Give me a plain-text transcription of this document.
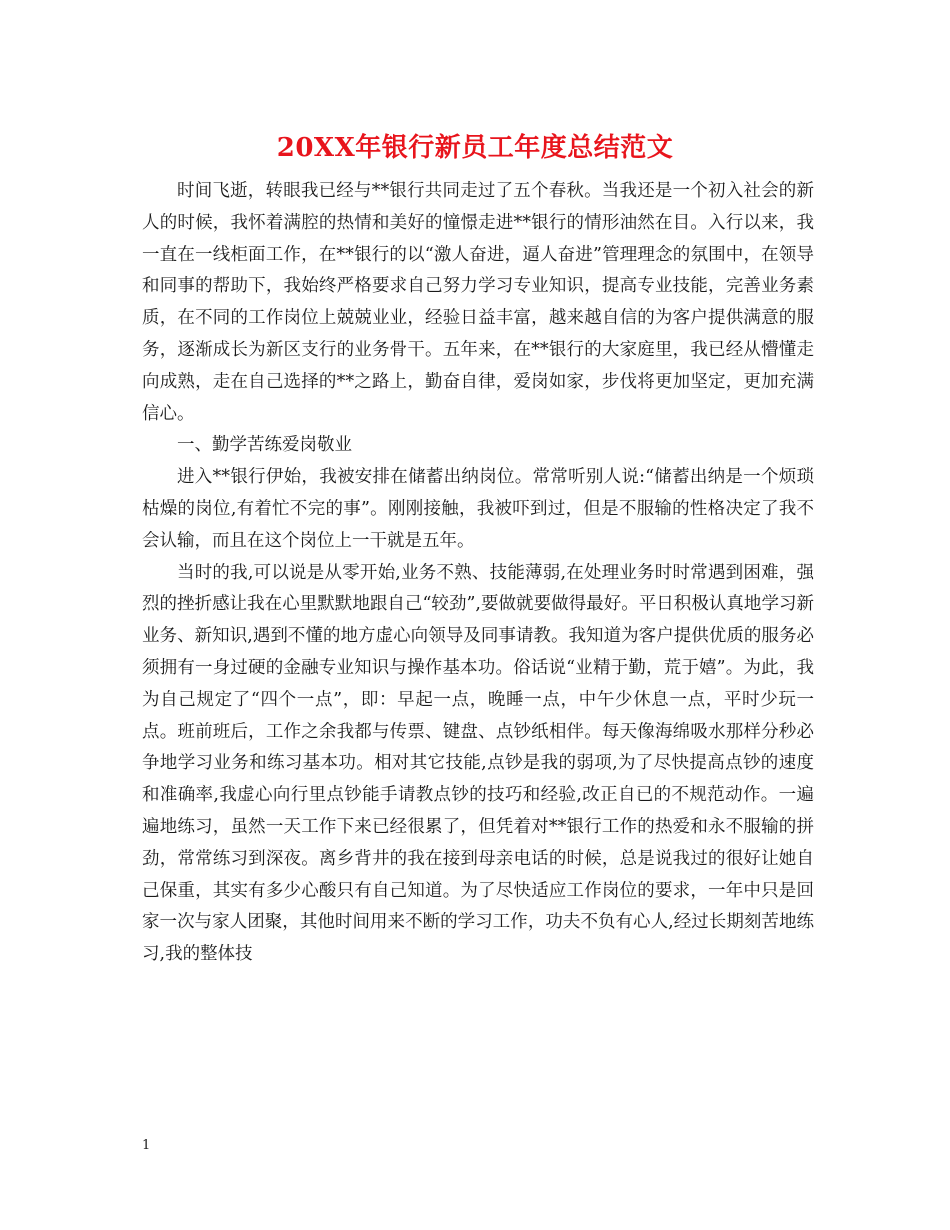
20XX年银行新员工年度总结范文

时间飞逝，转眼我已经与**银行共同走过了五个春秋。当我还是一个初入社会的新人的时候，我怀着满腔的热情和美好的憧憬走进**银行的情形油然在目。入行以来，我一直在一线柜面工作，在**银行的以“激人奋进，逼人奋进”管理理念的氛围中，在领导和同事的帮助下，我始终严格要求自己努力学习专业知识，提高专业技能，完善业务素质，在不同的工作岗位上兢兢业业，经验日益丰富，越来越自信的为客户提供满意的服务，逐渐成长为新区支行的业务骨干。五年来，在**银行的大家庭里，我已经从懵懂走向成熟，走在自己选择的**之路上，勤奋自律，爱岗如家，步伐将更加坚定，更加充满信心。

一、勤学苦练爱岗敬业

进入**银行伊始，我被安排在储蓄出纳岗位。常常听别人说:“储蓄出纳是一个烦琐枯燥的岗位,有着忙不完的事”。刚刚接触，我被吓到过，但是不服输的性格决定了我不会认输，而且在这个岗位上一干就是五年。

当时的我,可以说是从零开始,业务不熟、技能薄弱,在处理业务时时常遇到困难，强烈的挫折感让我在心里默默地跟自己“较劲”,要做就要做得最好。平日积极认真地学习新业务、新知识,遇到不懂的地方虚心向领导及同事请教。我知道为客户提供优质的服务必须拥有一身过硬的金融专业知识与操作基本功。俗话说“业精于勤，荒于嬉”。为此，我为自己规定了“四个一点”，即：早起一点，晚睡一点，中午少休息一点，平时少玩一点。班前班后，工作之余我都与传票、键盘、点钞纸相伴。每天像海绵吸水那样分秒必争地学习业务和练习基本功。相对其它技能,点钞是我的弱项,为了尽快提高点钞的速度和准确率,我虚心向行里点钞能手请教点钞的技巧和经验,改正自已的不规范动作。一遍遍地练习，虽然一天工作下来已经很累了，但凭着对**银行工作的热爱和永不服输的拼劲，常常练习到深夜。离乡背井的我在接到母亲电话的时候，总是说我过的很好让她自己保重，其实有多少心酸只有自己知道。为了尽快适应工作岗位的要求，一年中只是回家一次与家人团聚，其他时间用来不断的学习工作，功夫不负有心人,经过长期刻苦地练习,我的整体技

1
